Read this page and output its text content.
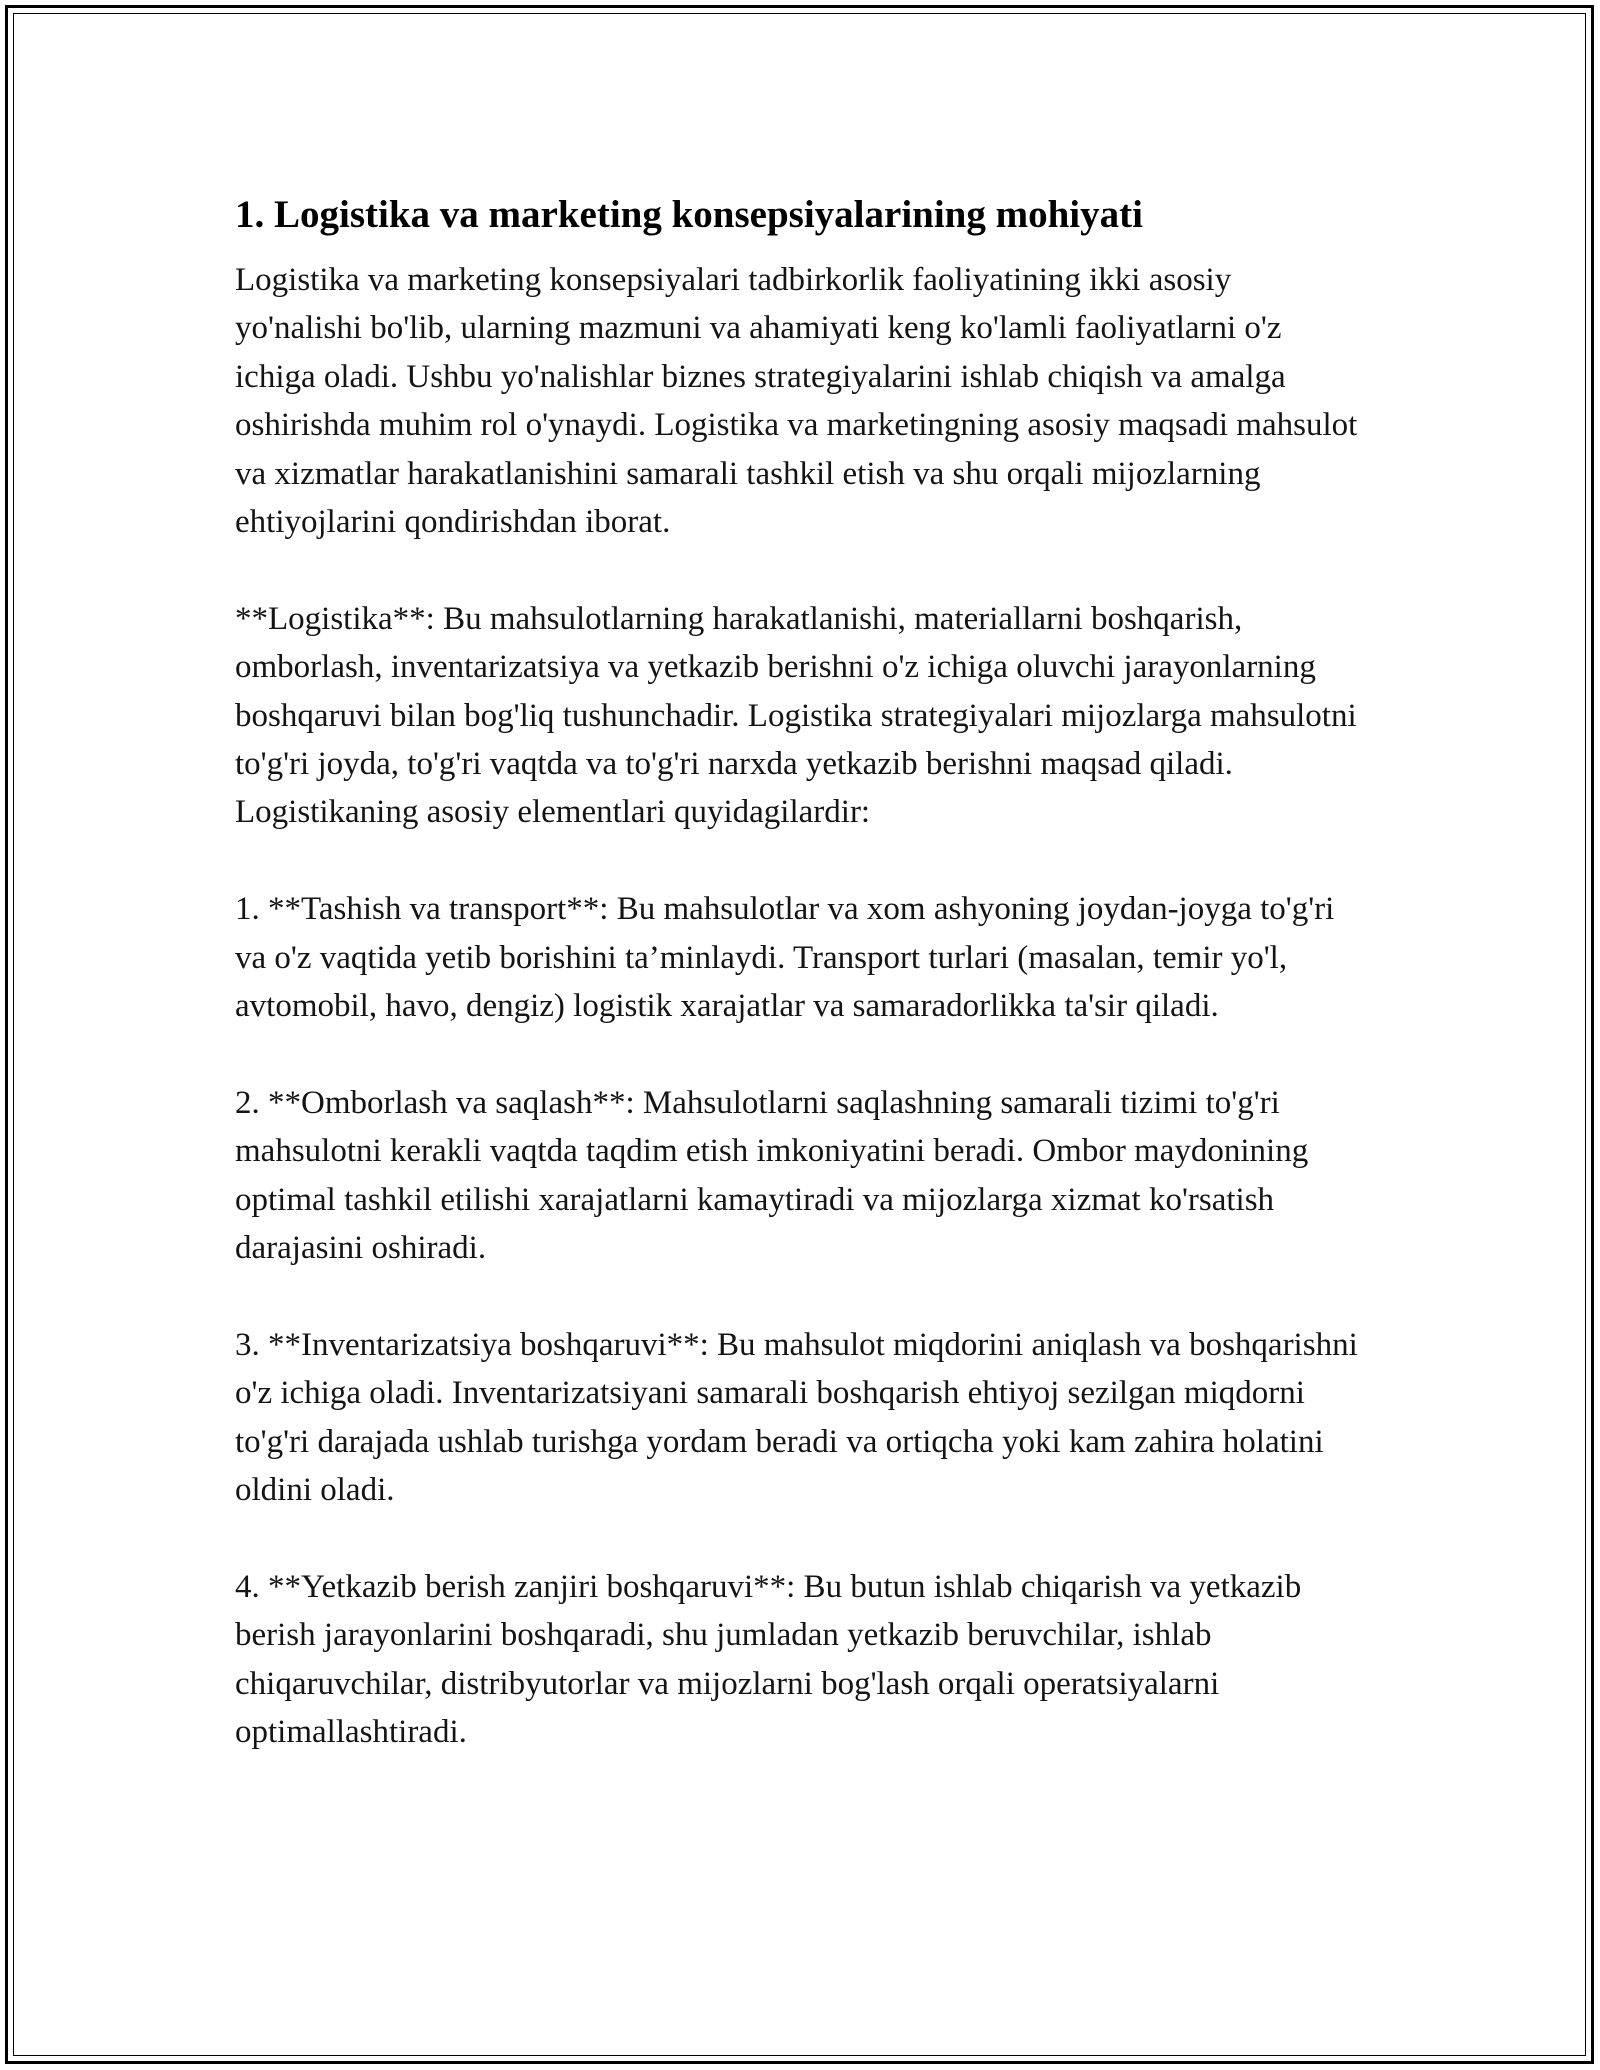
1. Logistika va marketing konsepsiyalarining mohiyati

Logistika va marketing konsepsiyalari tadbirkorlik faoliyatining ikki asosiy yo'nalishi bo'lib, ularning mazmuni va ahamiyati keng ko'lamli faoliyatlarni o'z ichiga oladi. Ushbu yo'nalishlar biznes strategiyalarini ishlab chiqish va amalga oshirishda muhim rol o'ynaydi. Logistika va marketingning asosiy maqsadi mahsulot va xizmatlar harakatlanishini samarali tashkil etish va shu orqali mijozlarning ehtiyojlarini qondirishdan iborat.

**Logistika**: Bu mahsulotlarning harakatlanishi, materiallarni boshqarish, omborlash, inventarizatsiya va yetkazib berishni o'z ichiga oluvchi jarayonlarning boshqaruvi bilan bog'liq tushunchadir. Logistika strategiyalari mijozlarga mahsulotni to'g'ri joyda, to'g'ri vaqtda va to'g'ri narxda yetkazib berishni maqsad qiladi. Logistikaning asosiy elementlari quyidagilardir:

1. **Tashish va transport**: Bu mahsulotlar va xom ashyoning joydan-joyga to'g'ri va o'z vaqtida yetib borishini ta’minlaydi. Transport turlari (masalan, temir yo'l, avtomobil, havo, dengiz) logistik xarajatlar va samaradorlikka ta'sir qiladi.

2. **Omborlash va saqlash**: Mahsulotlarni saqlashning samarali tizimi to'g'ri mahsulotni kerakli vaqtda taqdim etish imkoniyatini beradi. Ombor maydonining optimal tashkil etilishi xarajatlarni kamaytiradi va mijozlarga xizmat ko'rsatish darajasini oshiradi.

3. **Inventarizatsiya boshqaruvi**: Bu mahsulot miqdorini aniqlash va boshqarishni o'z ichiga oladi. Inventarizatsiyani samarali boshqarish ehtiyoj sezilgan miqdorni to'g'ri darajada ushlab turishga yordam beradi va ortiqcha yoki kam zahira holatini oldini oladi.

4. **Yetkazib berish zanjiri boshqaruvi**: Bu butun ishlab chiqarish va yetkazib berish jarayonlarini boshqaradi, shu jumladan yetkazib beruvchilar, ishlab chiqaruvchilar, distribyutorlar va mijozlarni bog'lash orqali operatsiyalarni optimallashtiradi.
